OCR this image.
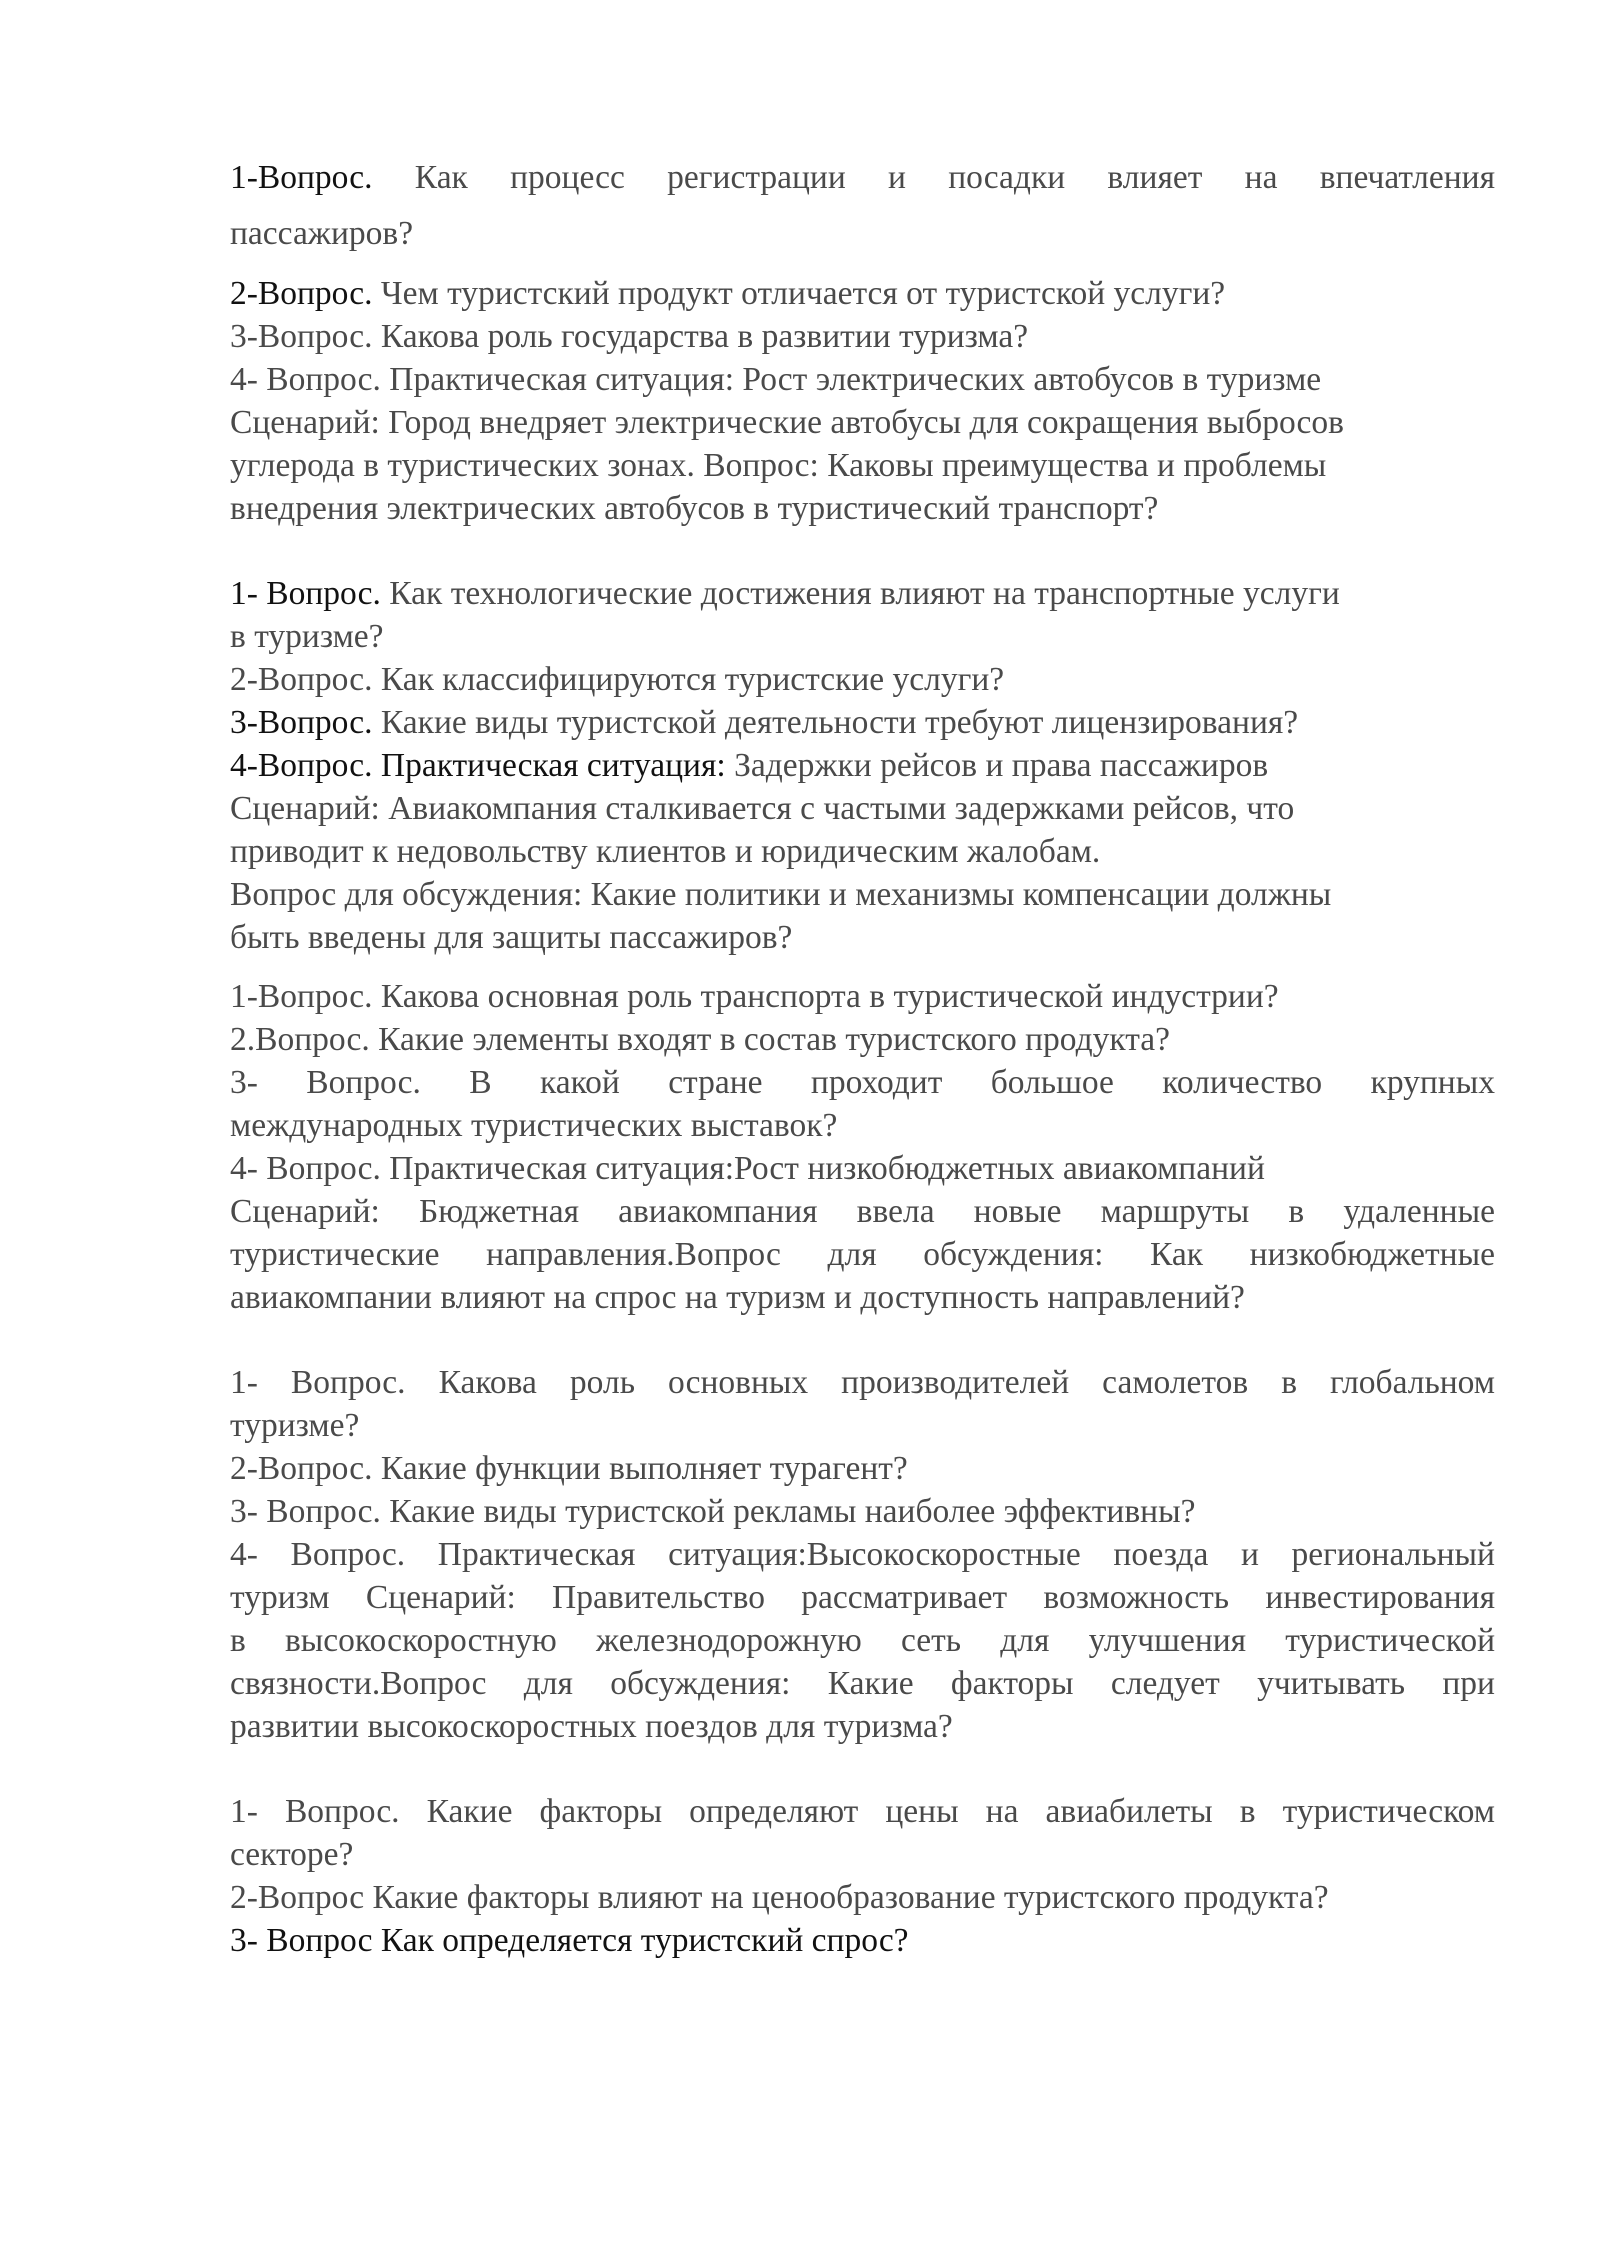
1-Вопрос. Как процесс регистрации и посадки влияет на впечатления
пассажиров?
2-Вопрос. Чем туристский продукт отличается от туристской услуги?
3-Вопрос. Какова роль государства в развитии туризма?
4- Вопрос. Практическая ситуация: Рост электрических автобусов в туризме
Сценарий: Город внедряет электрические автобусы для сокращения выбросов
углерода в туристических зонах. Вопрос: Каковы преимущества и проблемы
внедрения электрических автобусов в туристический транспорт?
1- Вопрос. Как технологические достижения влияют на транспортные услуги
в туризме?
2-Вопрос. Как классифицируются туристские услуги?
3-Вопрос. Какие виды туристской деятельности требуют лицензирования?
4-Вопрос. Практическая ситуация: Задержки рейсов и права пассажиров
Сценарий: Авиакомпания сталкивается с частыми задержками рейсов, что
приводит к недовольству клиентов и юридическим жалобам.
Вопрос для обсуждения: Какие политики и механизмы компенсации должны
быть введены для защиты пассажиров?
1-Вопрос. Какова основная роль транспорта в туристической индустрии?
2.Вопрос. Какие элементы входят в состав туристского продукта?
3- Вопрос. В какой стране проходит большое количество крупных
международных туристических выставок?
4- Вопрос. Практическая ситуация:Рост низкобюджетных авиакомпаний
Сценарий: Бюджетная авиакомпания ввела новые маршруты в удаленные
туристические направления.Вопрос для обсуждения: Как низкобюджетные
авиакомпании влияют на спрос на туризм и доступность направлений?
1- Вопрос. Какова роль основных производителей самолетов в глобальном
туризме?
2-Вопрос. Какие функции выполняет турагент?
3- Вопрос. Какие виды туристской рекламы наиболее эффективны?
4- Вопрос. Практическая ситуация:Высокоскоростные поезда и региональный
туризм Сценарий: Правительство рассматривает возможность инвестирования
в высокоскоростную железнодорожную сеть для улучшения туристической
связности.Вопрос для обсуждения: Какие факторы следует учитывать при
развитии высокоскоростных поездов для туризма?
1- Вопрос. Какие факторы определяют цены на авиабилеты в туристическом
секторе?
2-Вопрос Какие факторы влияют на ценообразование туристского продукта?
3- Вопрос Как определяется туристский спрос?
